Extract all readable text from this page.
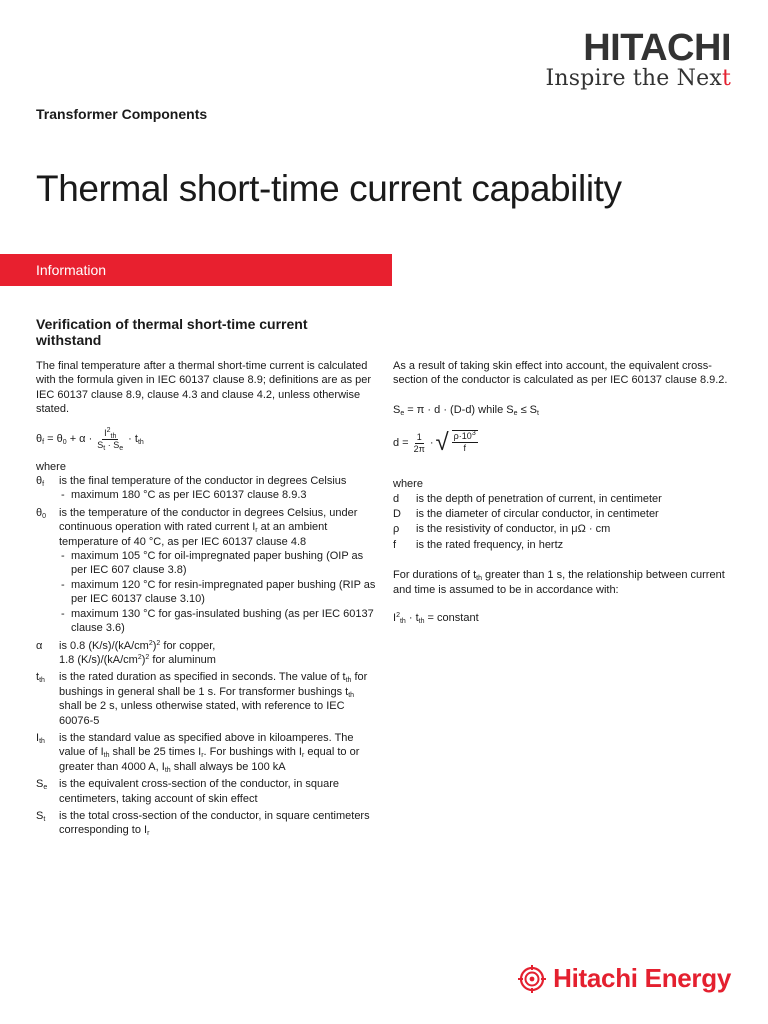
HITACHI
Inspire the Next
Transformer Components
Thermal short-time current capability
Information
Verification of thermal short-time current withstand

The final temperature after a thermal short-time current is calculated with the formula given in IEC 60137 clause 8.9; definitions are as per IEC 60137 clause 8.9, clause 4.3 and clause 4.2, unless otherwise stated.

$\theta_f = \theta_0 + \alpha \cdot \frac{I^2_{th}}{S_t \cdot S_e} \cdot t_{th}$

where

$\theta_f$	is the final temperature of the conductor in degrees Celsius
- maximum 180 °C as per IEC 60137 clause 8.9.3
$\theta_0$	is the temperature of the conductor in degrees Celsius, under continuous operation with rated current $I_r$ at an ambient temperature of 40 °C, as per IEC 60137 clause 4.8
- maximum 105 °C for oil-impregnated paper bushing (OIP as per IEC 607 clause 3.8)
- maximum 120 °C for resin-impregnated paper bushing (RIP as per IEC 60137 clause 3.10)
- maximum 130 °C for gas-insulated bushing (as per IEC 60137 clause 3.6)
α	is 0.8 $(K/s)/(kA/cm^2)^2$ for copper,
1.8 $(K/s)/(kA/cm^2)^2$ for aluminum
$t_{th}$	is the rated duration as specified in seconds. The value of $t_{th}$ for bushings in general shall be 1 s. For transformer bushings $t_{th}$ shall be 2 s, unless otherwise stated, with reference to IEC 60076-5
$I_{th}$	is the standard value as specified above in kiloamperes. The value of $I_{th}$ shall be 25 times $I_r$. For bushings with $I_r$ equal to or greater than 4000 A, $I_{th}$ shall always be 100 kA
$S_e$	is the equivalent cross-section of the conductor, in square centimeters, taking account of skin effect
$S_t$	is the total cross-section of the conductor, in square centimeters corresponding to $I_r$

As a result of taking skin effect into account, the equivalent cross-section of the conductor is calculated as per IEC 60137 clause 8.9.2.

$S_e = \pi \cdot d \cdot (D-d)$ while $S_e \le S_t$

$d = \frac{1}{2\pi}$ · √ $\frac{\rho\cdot 10^3}{f}$

where

d	is the depth of penetration of current, in centimeter
D	is the diameter of circular conductor, in centimeter
ρ	is the resistivity of conductor, in μΩ · cm
f	is the rated frequency, in hertz

For durations of $t_{th}$ greater than 1 s, the relationship between current and time is assumed to be in accordance with:

$I^2_{th} \cdot t_{th}$ = constant

Hitachi Energy
